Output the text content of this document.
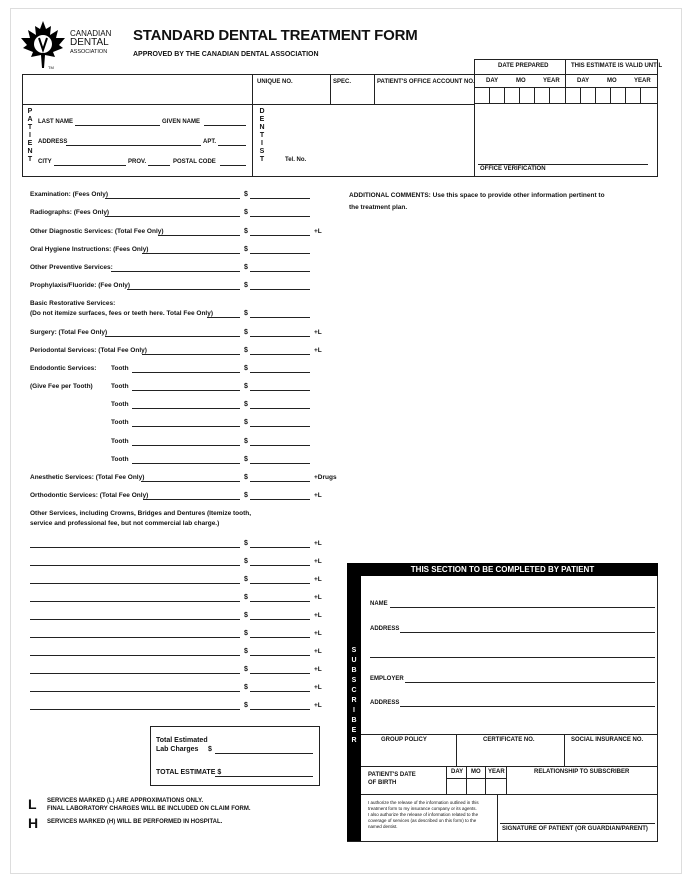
CANADIAN
DENTAL
ASSOCIATION
TM
STANDARD DENTAL TREATMENT FORM
APPROVED BY THE CANADIAN DENTAL ASSOCIATION
DATE PREPARED	THIS ESTIMATE IS VALID UNTIL
DAY	MO	YEAR	DAY	MO	YEAR
UNIQUE NO.	SPEC.	PATIENT'S OFFICE ACCOUNT NO.
P
A
T
I
E
N
T
LAST NAME	GIVEN NAME
ADDRESS	APT.
CITY	PROV.	POSTAL CODE
D
E
N
T
I
S
T	Tel. No.
OFFICE VERIFICATION
Examination: (Fees Only)	$
Radiographs: (Fees Only)	$
Other Diagnostic Services: (Total Fee Only)	$	+L
Oral Hygiene Instructions: (Fees Only)	$
Other Preventive Services:	$
Prophylaxis/Fluoride: (Fee Only)	$
Basic Restorative Services:
(Do not itemize surfaces, fees or teeth here. Total Fee Only)	$
Surgery: (Total Fee Only)	$	+L
Periodontal Services: (Total Fee Only)	$	+L
Endodontic Services:
(Give Fee per Tooth)
Tooth	$
Tooth	$
Tooth	$
Tooth	$
Tooth	$
Tooth	$
Anesthetic Services: (Total Fee Only)	$	+Drugs
Orthodontic Services: (Total Fee Only)	$	+L
Other Services, including Crowns, Bridges and Dentures (Itemize tooth,
service and professional fee, but not commercial lab charge.)
$	+L
$	+L
$	+L
$	+L
$	+L
$	+L
$	+L
$	+L
$	+L
$	+L
ADDITIONAL COMMENTS: Use this space to provide other information pertinent to
the treatment plan.
Total Estimated
Lab Charges $
TOTAL ESTIMATE $
L
H
SERVICES MARKED (L) ARE APPROXIMATIONS ONLY.
FINAL LABORATORY CHARGES WILL BE INCLUDED ON CLAIM FORM.
SERVICES MARKED (H) WILL BE PERFORMED IN HOSPITAL.
THIS SECTION TO BE COMPLETED BY PATIENT
S
U
B
S
C
R
I
B
E
R
NAME
ADDRESS
EMPLOYER
ADDRESS
GROUP POLICY	CERTIFICATE NO.	SOCIAL INSURANCE NO.
PATIENT'S DATE
OF BIRTH
DAY MO YEAR	RELATIONSHIP TO SUBSCRIBER
I authorize the release of the information outlined in this
treatment form to my insurance company or its agents.
I also authorize the release of information related to the
coverage of services (as described on this form) to the
named dentist.	SIGNATURE OF PATIENT (OR GUARDIAN/PARENT)
